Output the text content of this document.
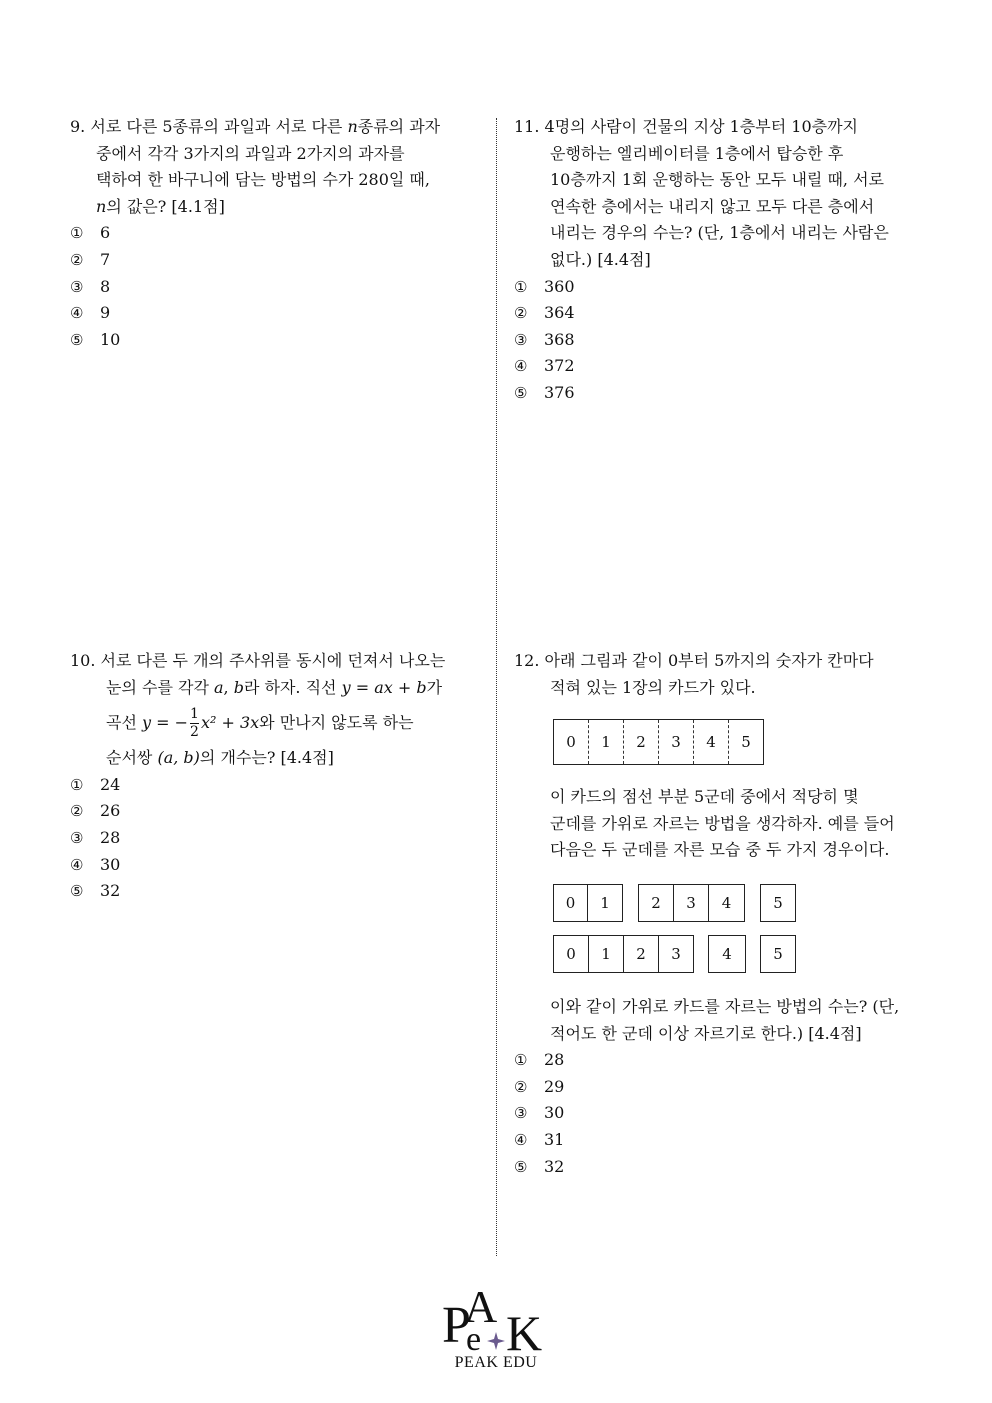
9. 서로 다른 5종류의 과일과 서로 다른 n종류의 과자
중에서 각각 3가지의 과일과 2가지의 과자를
택하여 한 바구니에 담는 방법의 수가 280일 때,
n의 값은? [4.1점]
① 6
② 7
③ 8
④ 9
⑤ 10
10. 서로 다른 두 개의 주사위를 동시에 던져서 나오는
눈의 수를 각각 a, b라 하자. 직선 y = ax + b가
곡선 y = − $\frac{1}{2} x^2 + 3x$와 만나지 않도록 하는
순서쌍 (a, b)의 개수는? [4.4점]
① 24
② 26
③ 28
④ 30
⑤ 32
11. 4명의 사람이 건물의 지상 1층부터 10층까지
운행하는 엘리베이터를 1층에서 탑승한 후
10층까지 1회 운행하는 동안 모두 내릴 때, 서로
연속한 층에서는 내리지 않고 모두 다른 층에서
내리는 경우의 수는? (단, 1층에서 내리는 사람은
없다.) [4.4점]
① 360
② 364
③ 368
④ 372
⑤ 376
12. 아래 그림과 같이 0부터 5까지의 숫자가 칸마다
적혀 있는 1장의 카드가 있다.
0	1	2	3	4	5
이 카드의 점선 부분 5군데 중에서 적당히 몇
군데를 가위로 자르는 방법을 생각하자. 예를 들어
다음은 두 군데를 자른 모습 중 두 가지 경우이다.
0	1	2	3	4	5
0	1	2	3	4	5
이와 같이 가위로 카드를 자르는 방법의 수는? (단,
적어도 한 군데 이상 자르기로 한다.) [4.4점]
① 28
② 29
③ 30
④ 31
⑤ 32
P
A
e K
PEAK EDU
